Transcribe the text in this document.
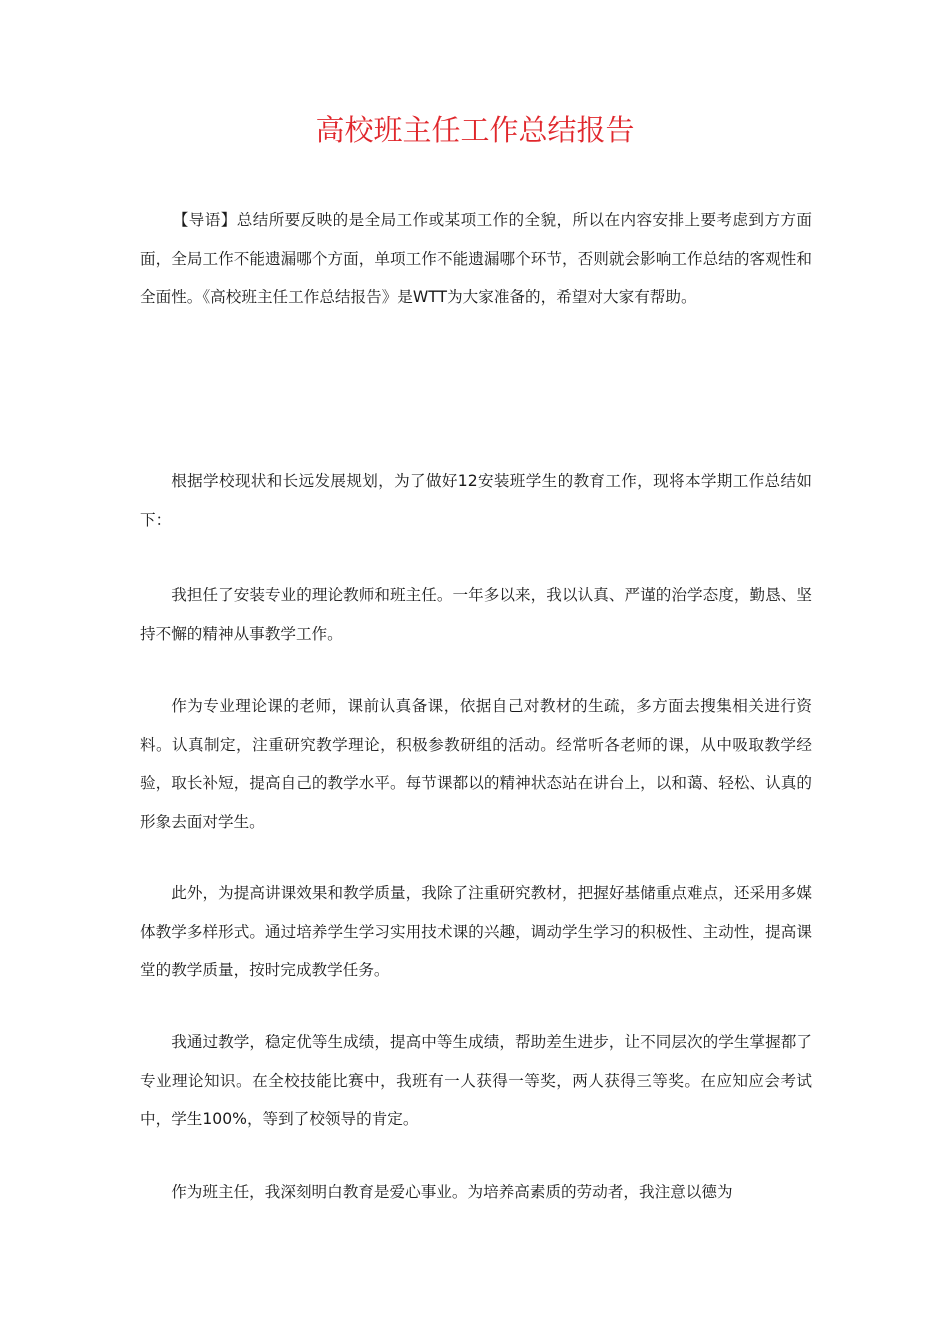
高校班主任工作总结报告

【导语】总结所要反映的是全局工作或某项工作的全貌，所以在内容安排上要考虑到方方面面，全局工作不能遗漏哪个方面，单项工作不能遗漏哪个环节，否则就会影响工作总结的客观性和全面性。《高校班主任工作总结报告》是WTT为大家准备的，希望对大家有帮助。

根据学校现状和长远发展规划，为了做好12安装班学生的教育工作，现将本学期工作总结如下：

我担任了安装专业的理论教师和班主任。一年多以来，我以认真、严谨的治学态度，勤恳、坚持不懈的精神从事教学工作。

作为专业理论课的老师，课前认真备课，依据自己对教材的生疏，多方面去搜集相关进行资料。认真制定，注重研究教学理论，积极参教研组的活动。经常听各老师的课，从中吸取教学经验，取长补短，提高自己的教学水平。每节课都以的精神状态站在讲台上，以和蔼、轻松、认真的形象去面对学生。

此外，为提高讲课效果和教学质量，我除了注重研究教材，把握好基储重点难点，还采用多媒体教学多样形式。通过培养学生学习实用技术课的兴趣，调动学生学习的积极性、主动性，提高课堂的教学质量，按时完成教学任务。

我通过教学，稳定优等生成绩，提高中等生成绩，帮助差生进步，让不同层次的学生掌握都了专业理论知识。在全校技能比赛中，我班有一人获得一等奖，两人获得三等奖。在应知应会考试中，学生100%，等到了校领导的肯定。

作为班主任，我深刻明白教育是爱心事业。为培养高素质的劳动者，我注意以德为
